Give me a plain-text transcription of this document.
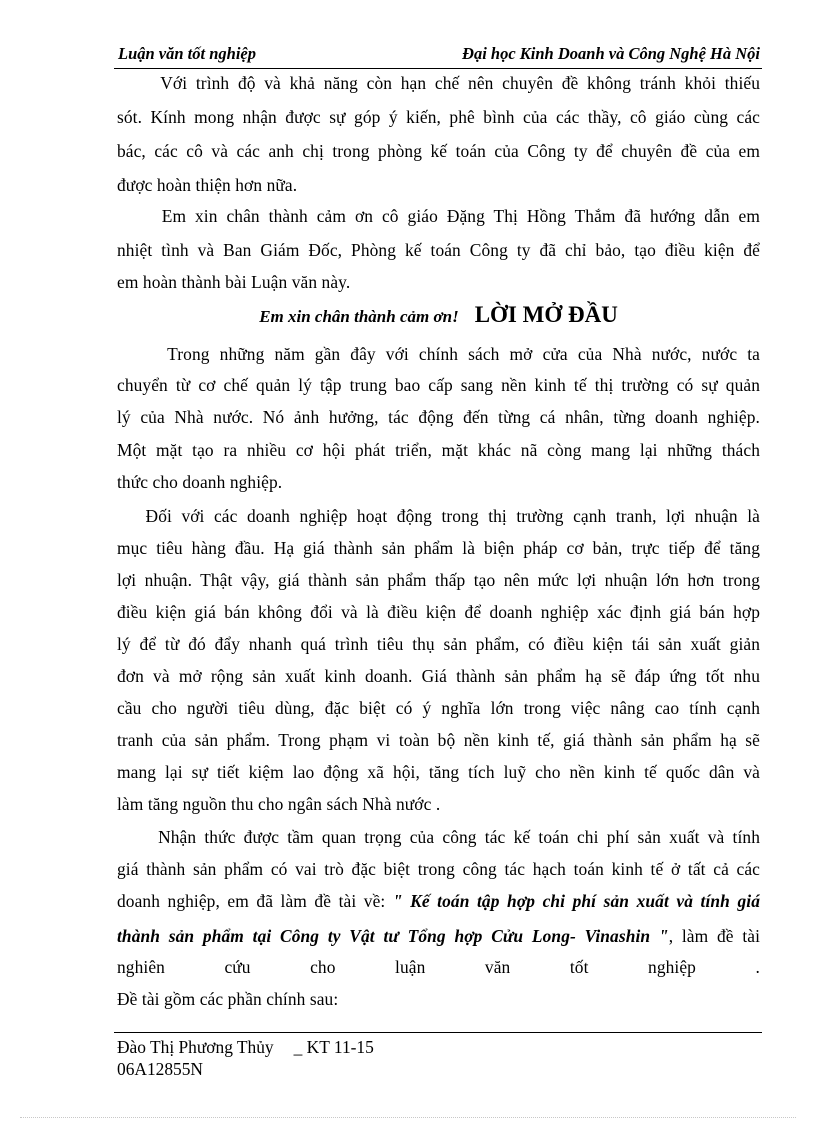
Luận văn tốt nghiệp	Đại học Kinh Doanh và Công Nghệ Hà Nội
Với trình độ và khả năng còn hạn chế nên chuyên đề không tránh khỏi thiếu
sót. Kính mong nhận được sự góp ý kiến, phê bình của các thầy, cô giáo cùng các
bác, các cô và các anh chị trong phòng kế toán của Công ty để chuyên đề của em
được hoàn thiện hơn nữa.
Em xin chân thành cảm ơn cô giáo Đặng Thị Hồng Thắm đã hướng dẫn em
nhiệt tình và Ban Giám Đốc, Phòng kế toán Công ty đã chỉ bảo, tạo điều kiện để
em hoàn thành bài Luận văn này.
Em xin chân thành cảm ơn! LỜI MỞ ĐẦU
Trong những năm gần đây với chính sách mở cửa của Nhà nước, nước ta
chuyển từ cơ chế quản lý tập trung bao cấp sang nền kinh tế thị trường có sự quản
lý của Nhà nước. Nó ảnh hưởng, tác động đến từng cá nhân, từng doanh nghiệp.
Một mặt tạo ra nhiều cơ hội phát triển, mặt khác nã còng mang lại những thách
thức cho doanh nghiệp.
Đối với các doanh nghiệp hoạt động trong thị trường cạnh tranh, lợi nhuận là
mục tiêu hàng đầu. Hạ giá thành sản phẩm là biện pháp cơ bản, trực tiếp để tăng
lợi nhuận. Thật vậy, giá thành sản phẩm thấp tạo nên mức lợi nhuận lớn hơn trong
điều kiện giá bán không đổi và là điều kiện để doanh nghiệp xác định giá bán hợp
lý để từ đó đẩy nhanh quá trình tiêu thụ sản phẩm, có điều kiện tái sản xuất giản
đơn và mở rộng sản xuất kinh doanh. Giá thành sản phẩm hạ sẽ đáp ứng tốt nhu
cầu cho người tiêu dùng, đặc biệt có ý nghĩa lớn trong việc nâng cao tính cạnh
tranh của sản phẩm. Trong phạm vi toàn bộ nền kinh tế, giá thành sản phẩm hạ sẽ
mang lại sự tiết kiệm lao động xã hội, tăng tích luỹ cho nền kinh tế quốc dân và
làm tăng nguồn thu cho ngân sách Nhà nước .
Nhận thức được tầm quan trọng của công tác kế toán chi phí sản xuất và tính
giá thành sản phẩm có vai trò đặc biệt trong công tác hạch toán kinh tế ở tất cả các
doanh nghiệp, em đã làm đề tài về: " Kế toán tập hợp chi phí sản xuất và tính giá
thành sản phẩm tại Công ty Vật tư Tổng hợp Cửu Long- Vinashin ", làm đề tài
nghiên	cứu	cho	luận	văn	tốt	nghiệp	.
Đề tài gồm các phần chính sau:
Đào Thị Phương Thủy _ KT 11-15
06A12855N
